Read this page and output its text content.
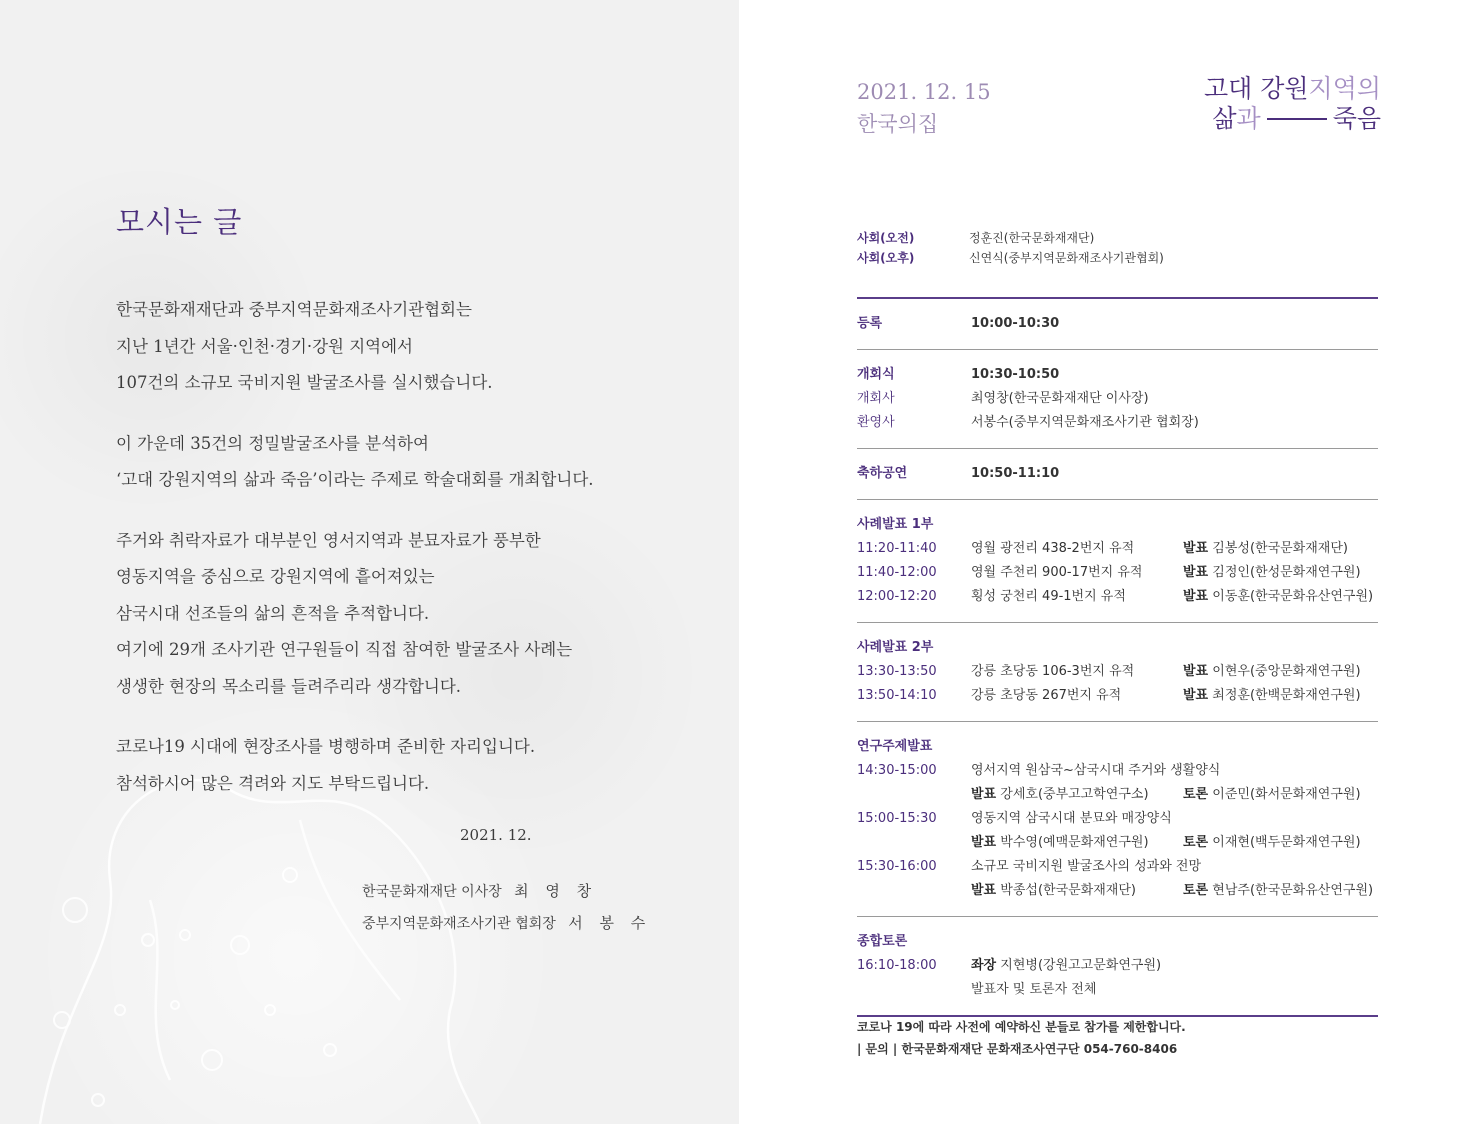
모시는 글
한국문화재재단과 중부지역문화재조사기관협회는
지난 1년간 서울·인천·경기·강원 지역에서
107건의 소규모 국비지원 발굴조사를 실시했습니다.
이 가운데 35건의 정밀발굴조사를 분석하여
‘고대 강원지역의 삶과 죽음’이라는 주제로 학술대회를 개최합니다.
주거와 취락자료가 대부분인 영서지역과 분묘자료가 풍부한
영동지역을 중심으로 강원지역에 흩어져있는
삼국시대 선조들의 삶의 흔적을 추적합니다.
여기에 29개 조사기관 연구원들이 직접 참여한 발굴조사 사례는
생생한 현장의 목소리를 들려주리라 생각합니다.
코로나19 시대에 현장조사를 병행하며 준비한 자리입니다.
참석하시어 많은 격려와 지도 부탁드립니다.
2021. 12.
한국문화재재단 이사장 최 영 창
중부지역문화재조사기관 협회장 서 봉 수
2021. 12. 15
한국의집
고대 강원지역의
삶 과	죽음
사회(오전)	정훈진(한국문화재재단)
사회(오후)	신연식(중부지역문화재조사기관협회)
등록	10:00-10:30
개회식	10:30-10:50
개회사	최영창(한국문화재재단 이사장)
환영사	서봉수(중부지역문화재조사기관 협회장)
축하공연	10:50-11:10
사례발표 1부
11:20-11:40	영월 광전리 438-2번지 유적	발표 김봉성(한국문화재재단)
11:40-12:00	영월 주천리 900-17번지 유적	발표 김정인(한성문화재연구원)
12:00-12:20	횡성 궁천리 49-1번지 유적	발표 이동훈(한국문화유산연구원)
사례발표 2부
13:30-13:50	강릉 초당동 106-3번지 유적	발표 이현우(중앙문화재연구원)
13:50-14:10	강릉 초당동 267번지 유적	발표 최정훈(한백문화재연구원)
연구주제발표
14:30-15:00	영서지역 원삼국~삼국시대 주거와 생활양식
발표 강세호(중부고고학연구소)	토론 이준민(화서문화재연구원)
15:00-15:30	영동지역 삼국시대 분묘와 매장양식
발표 박수영(예맥문화재연구원)	토론 이재현(백두문화재연구원)
15:30-16:00	소규모 국비지원 발굴조사의 성과와 전망
발표 박종섭(한국문화재재단)	토론 현남주(한국문화유산연구원)
종합토론
16:10-18:00	좌장 지현병(강원고고문화연구원)
발표자 및 토론자 전체
코로나 19에 따라 사전에 예약하신 분들로 참가를 제한합니다.
| 문의 | 한국문화재재단 문화재조사연구단 054-760-8406
